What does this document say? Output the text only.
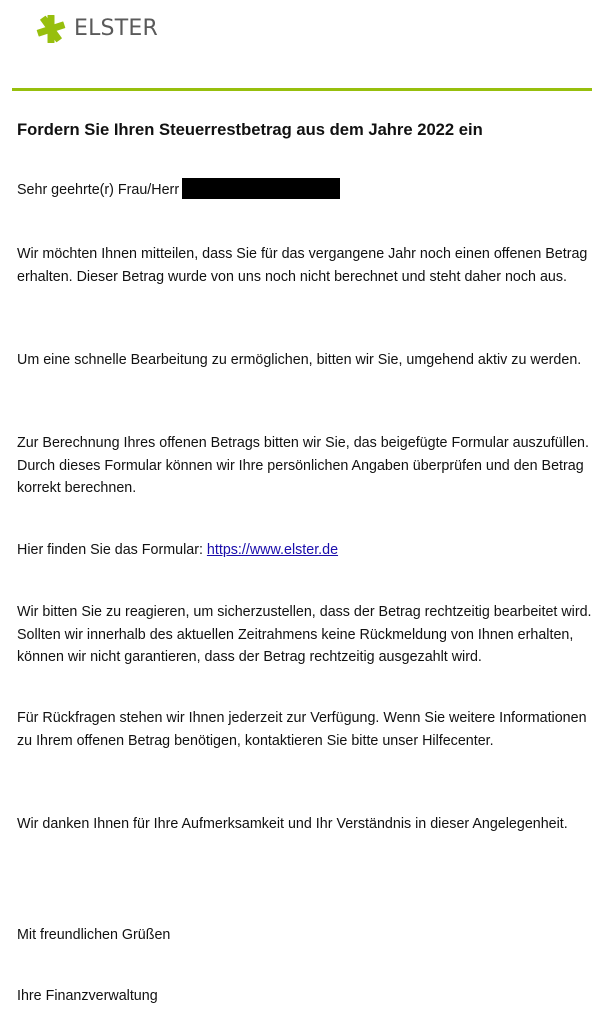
ELSTER
Fordern Sie Ihren Steuerrestbetrag aus dem Jahre 2022 ein

Sehr geehrte(r) Frau/Herr

Wir möchten Ihnen mitteilen, dass Sie für das vergangene Jahr noch einen offenen Betrag erhalten. Dieser Betrag wurde von uns noch nicht berechnet und steht daher noch aus.

Um eine schnelle Bearbeitung zu ermöglichen, bitten wir Sie, umgehend aktiv zu werden.

Zur Berechnung Ihres offenen Betrags bitten wir Sie, das beigefügte Formular auszufüllen. Durch dieses Formular können wir Ihre persönlichen Angaben überprüfen und den Betrag korrekt berechnen.

Hier finden Sie das Formular: https://www.elster.de

Wir bitten Sie zu reagieren, um sicherzustellen, dass der Betrag rechtzeitig bearbeitet wird. Sollten wir innerhalb des aktuellen Zeitrahmens keine Rückmeldung von Ihnen erhalten, können wir nicht garantieren, dass der Betrag rechtzeitig ausgezahlt wird.

Für Rückfragen stehen wir Ihnen jederzeit zur Verfügung. Wenn Sie weitere Informationen zu Ihrem offenen Betrag benötigen, kontaktieren Sie bitte unser Hilfecenter.

Wir danken Ihnen für Ihre Aufmerksamkeit und Ihr Verständnis in dieser Angelegenheit.

Mit freundlichen Grüßen

Ihre Finanzverwaltung
